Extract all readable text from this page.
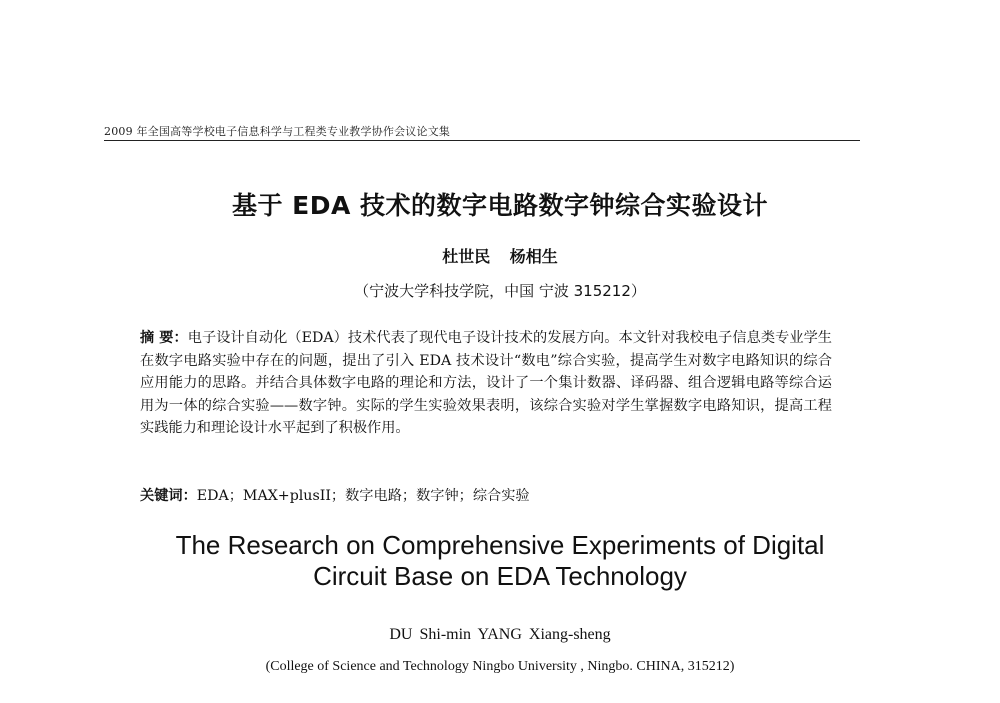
2009 年全国高等学校电子信息科学与工程类专业教学协作会议论文集
基于 EDA 技术的数字电路数字钟综合实验设计
杜世民 杨相生
（宁波大学科技学院，中国 宁波 315212）
摘 要：电子设计自动化（EDA）技术代表了现代电子设计技术的发展方向。本文针对我校电子信息类专业学生在数字电路实验中存在的问题，提出了引入 EDA 技术设计“数电”综合实验，提高学生对数字电路知识的综合应用能力的思路。并结合具体数字电路的理论和方法，设计了一个集计数器、译码器、组合逻辑电路等综合运用为一体的综合实验——数字钟。实际的学生实验效果表明，该综合实验对学生掌握数字电路知识，提高工程实践能力和理论设计水平起到了积极作用。
关键词：EDA；MAX+plusII；数字电路；数字钟；综合实验
The Research on Comprehensive Experiments of Digital
Circuit Base on EDA Technology
DU Shi-min YANG Xiang-sheng
(College of Science and Technology Ningbo University , Ningbo. CHINA, 315212)
